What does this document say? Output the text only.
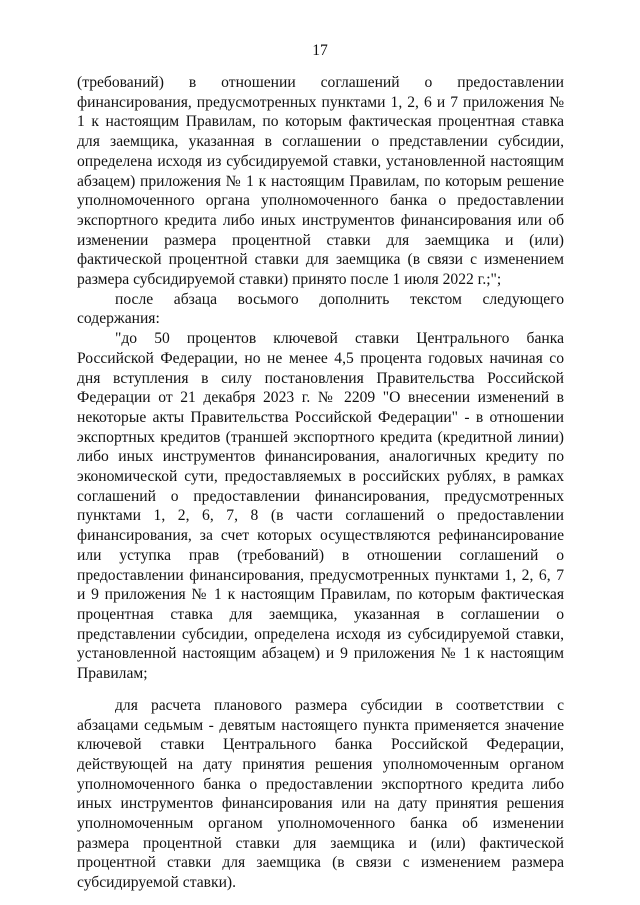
17

(требований) в отношении соглашений о предоставлении финансирования, предусмотренных пунктами 1, 2, 6 и 7 приложения № 1 к настоящим Правилам, по которым фактическая процентная ставка для заемщика, указанная в соглашении о представлении субсидии, определена исходя из субсидируемой ставки, установленной настоящим абзацем) приложения № 1 к настоящим Правилам, по которым решение уполномоченного органа уполномоченного банка о предоставлении экспортного кредита либо иных инструментов финансирования или об изменении размера процентной ставки для заемщика и (или) фактической процентной ставки для заемщика (в связи с изменением размера субсидируемой ставки) принято после 1 июля 2022 г.;";

после абзаца восьмого дополнить текстом следующего содержания:

"до 50 процентов ключевой ставки Центрального банка Российской Федерации, но не менее 4,5 процента годовых начиная со дня вступления в силу постановления Правительства Российской Федерации от 21 декабря 2023 г. № 2209 "О внесении изменений в некоторые акты Правительства Российской Федерации" - в отношении экспортных кредитов (траншей экспортного кредита (кредитной линии) либо иных инструментов финансирования, аналогичных кредиту по экономической сути, предоставляемых в российских рублях, в рамках соглашений о предоставлении финансирования, предусмотренных пунктами 1, 2, 6, 7, 8 (в части соглашений о предоставлении финансирования, за счет которых осуществляются рефинансирование или уступка прав (требований) в отношении соглашений о предоставлении финансирования, предусмотренных пунктами 1, 2, 6, 7 и 9 приложения № 1 к настоящим Правилам, по которым фактическая процентная ставка для заемщика, указанная в соглашении о представлении субсидии, определена исходя из субсидируемой ставки, установленной настоящим абзацем) и 9 приложения № 1 к настоящим Правилам;

для расчета планового размера субсидии в соответствии с абзацами седьмым - девятым настоящего пункта применяется значение ключевой ставки Центрального банка Российской Федерации, действующей на дату принятия решения уполномоченным органом уполномоченного банка о предоставлении экспортного кредита либо иных инструментов финансирования или на дату принятия решения уполномоченным органом уполномоченного банка об изменении размера процентной ставки для заемщика и (или) фактической процентной ставки для заемщика (в связи с изменением размера субсидируемой ставки).
